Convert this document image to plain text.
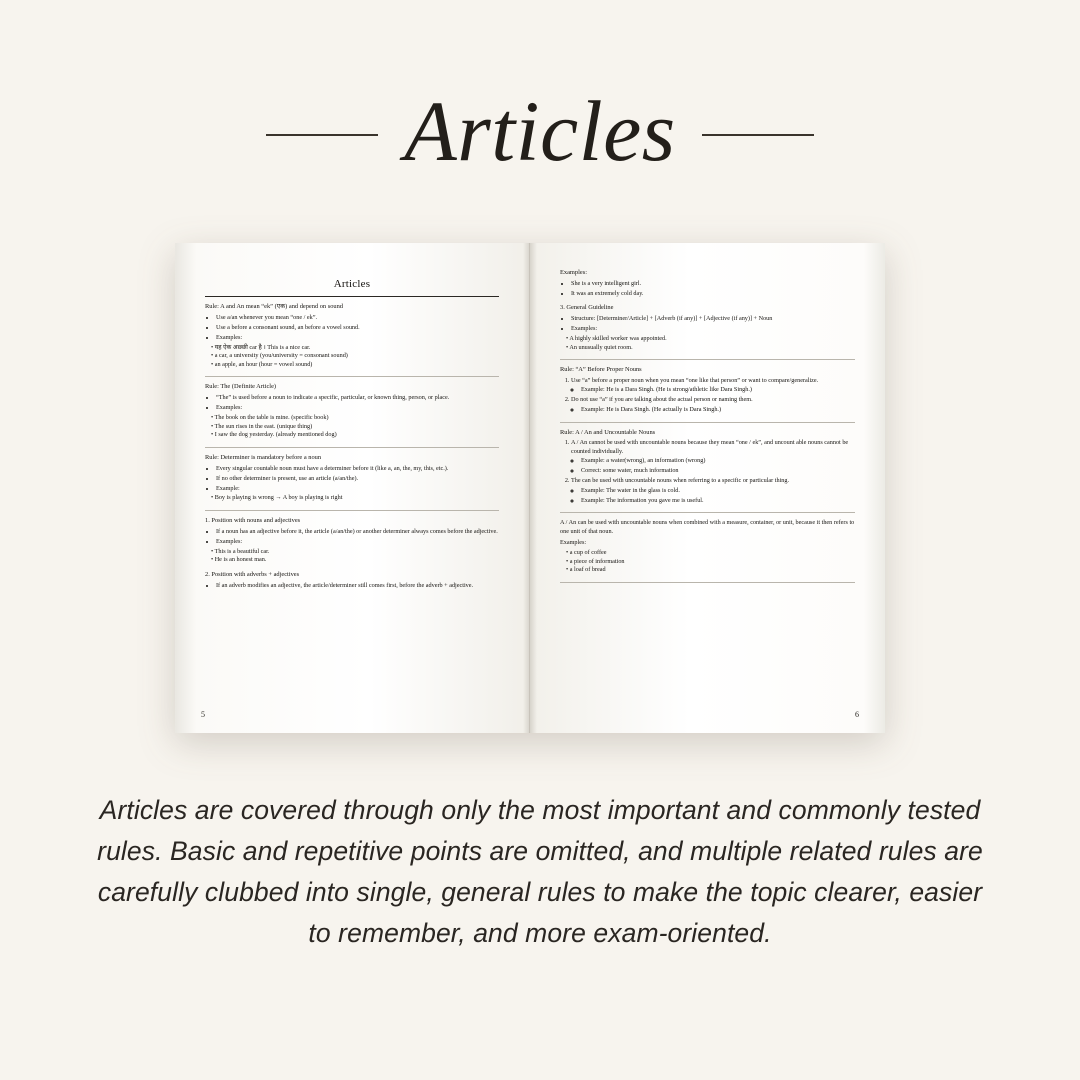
Articles
Articles
Rule: A and An mean “ek” (एक) and depend on sound
• Use a/an whenever you mean “one / ek”.
• Use a before a consonant sound, an before a vowel sound.
• Examples:
• यह ऐक अछ्छी car है । This is a nice car.
• a car, a university (you/university = consonant sound)
• an apple, an hour (hour = vowel sound)
Rule: The (Definite Article)
• “The” is used before a noun to indicate a specific, particular, or known thing, person, or place.
• Examples:
• The book on the table is mine. (specific book)
• The sun rises in the east. (unique thing)
• I saw the dog yesterday. (already mentioned dog)
Rule: Determiner is mandatory before a noun
• Every singular countable noun must have a determiner before it (like a, an, the, my, this, etc.).
• If no other determiner is present, use an article (a/an/the).
• Example:
• Boy is playing is wrong → A boy is playing is right
1. Position with nouns and adjectives
• If a noun has an adjective before it, the article (a/an/the) or another determiner always comes before the adjective.
• Examples:
• This is a beautiful car.
• He is an honest man.
2. Position with adverbs + adjectives
• If an adverb modifies an adjective, the article/determiner still comes first, before the adverb + adjective.
5
Examples:
• She is a very intelligent girl.
• It was an extremely cold day.
3. General Guideline
• Structure: [Determiner/Article] + [Adverb (if any)] + [Adjective (if any)] + Noun
• Examples:
• A highly skilled worker was appointed.
• An unusually quiet room.
Rule: “A” Before Proper Nouns
1. Use “a” before a proper noun when you mean “one like that person” or want to compare/generalize.
◦ Example: He is a Dara Singh. (He is strong/athletic like Dara Singh.)
2. Do not use “a” if you are talking about the actual person or naming them.
◦ Example: He is Dara Singh. (He actually is Dara Singh.)
Rule: A / An and Uncountable Nouns
1. A / An cannot be used with uncountable nouns because they mean “one / ek”, and uncount able nouns cannot be counted individually.
◦ Example: a water(wrong), an information (wrong)
◦ Correct: some water, much information
2. The can be used with uncountable nouns when referring to a specific or particular thing.
◦ Example: The water in the glass is cold.
◦ Example: The information you gave me is useful.
A / An can be used with uncountable nouns when combined with a measure, container, or unit, because it then refers to one unit of that noun.
Examples:
• a cup of coffee
• a piece of information
• a loaf of bread
6
Articles are covered through only the most important and commonly tested rules. Basic and repetitive points are omitted, and multiple related rules are carefully clubbed into single, general rules to make the topic clearer, easier to remember, and more exam-oriented.
